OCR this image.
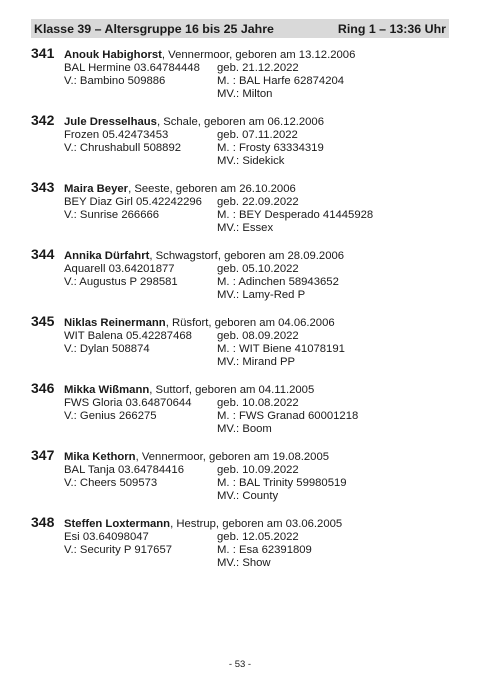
Klasse 39 – Altersgruppe 16 bis 25 Jahre	Ring 1 – 13:36 Uhr
341 Anouk Habighorst, Vennermoor, geboren am 13.12.2006
BAL Hermine 03.64784448
V.: Bambino 509886
geb. 21.12.2022
M. : BAL Harfe 62874204
MV.: Milton
342 Jule Dresselhaus, Schale, geboren am 06.12.2006
Frozen 05.42473453
V.: Chrushabull 508892
geb. 07.11.2022
M. : Frosty 63334319
MV.: Sidekick
343 Maira Beyer, Seeste, geboren am 26.10.2006
BEY Diaz Girl 05.42242296
V.: Sunrise 266666
geb. 22.09.2022
M. : BEY Desperado 41445928
MV.: Essex
344 Annika Dürfahrt, Schwagstorf, geboren am 28.09.2006
Aquarell 03.64201877
V.: Augustus P 298581
geb. 05.10.2022
M. : Adinchen 58943652
MV.: Lamy-Red P
345 Niklas Reinermann, Rüsfort, geboren am 04.06.2006
WIT Balena 05.42287468
V.: Dylan 508874
geb. 08.09.2022
M. : WIT Biene 41078191
MV.: Mirand PP
346 Mikka Wißmann, Suttorf, geboren am 04.11.2005
FWS Gloria 03.64870644
V.: Genius 266275
geb. 10.08.2022
M. : FWS Granad 60001218
MV.: Boom
347 Mika Kethorn, Vennermoor, geboren am 19.08.2005
BAL Tanja 03.64784416
V.: Cheers 509573
geb. 10.09.2022
M. : BAL Trinity 59980519
MV.: County
348 Steffen Loxtermann, Hestrup, geboren am 03.06.2005
Esi 03.64098047
V.: Security P 917657
geb. 12.05.2022
M. : Esa 62391809
MV.: Show
- 53 -
